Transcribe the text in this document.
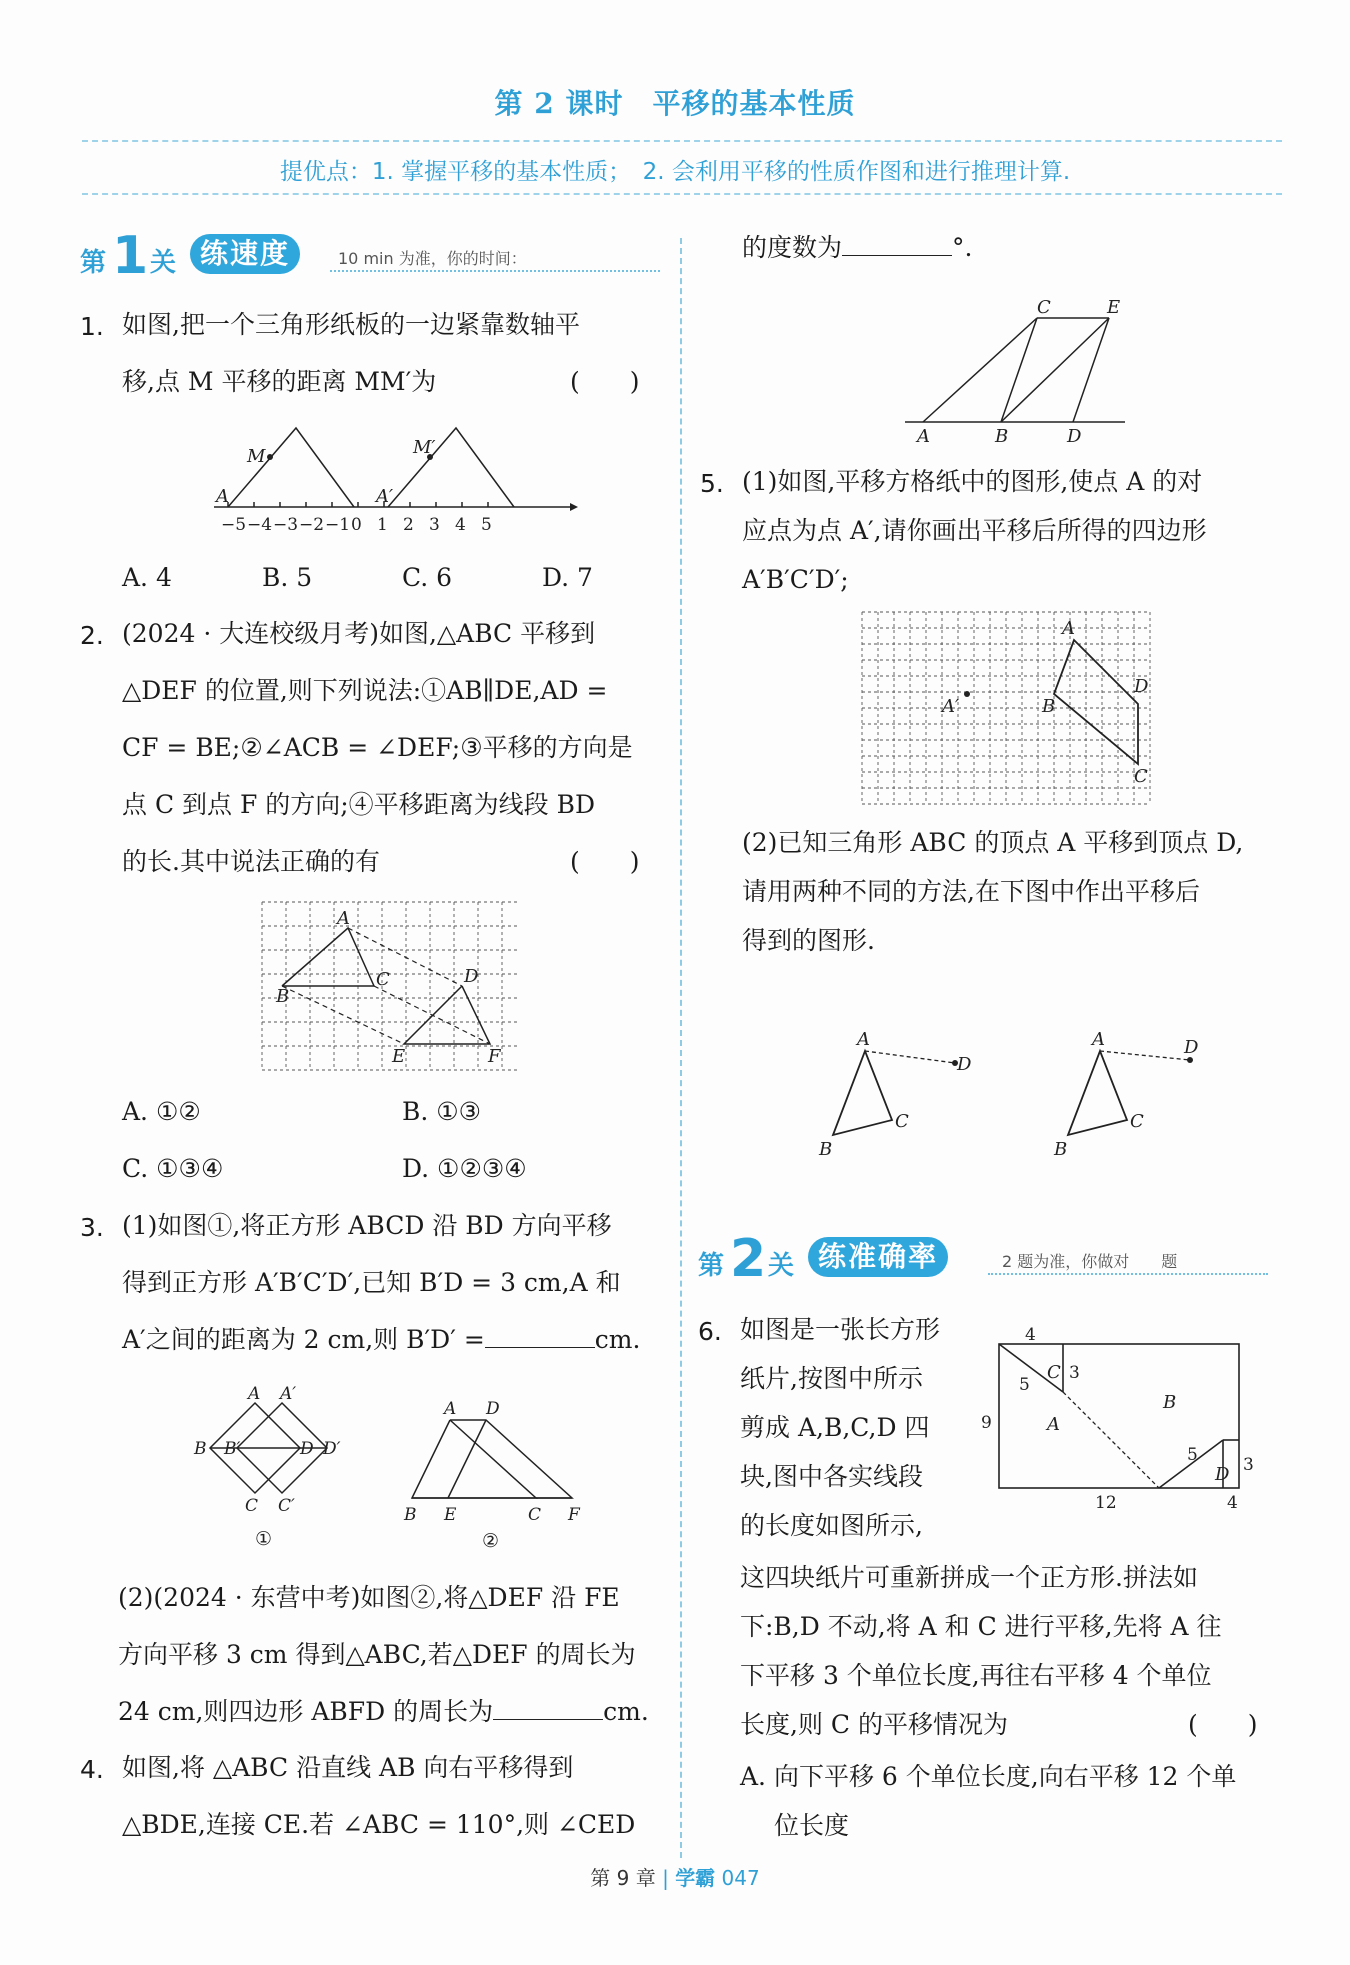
第 2 课时　平移的基本性质
提优点：1. 掌握平移的基本性质；　2. 会利用平移的性质作图和进行推理计算.
第 1 关 练速度	10 min 为准，你的时间：
1. 如图,把一个三角形纸板的一边紧靠数轴平
移,点 M 平移的距离 MM′为	(　　)
−5 −4 −3 −2 −1 0 1 2 3 4 5
M	M′
A	A′
A. 4	B. 5	C. 6	D. 7
2. (2024 · 大连校级月考)如图,△ABC 平移到
△DEF 的位置,则下列说法:①AB∥DE,AD =
CF = BE;②∠ACB = ∠DEF;③平移的方向是
点 C 到点 F 的方向;④平移距离为线段 BD
的长.其中说法正确的有	(　　)
A
B
C	D
E	F
A. ①②	B. ①③
C. ①③④	D. ①②③④
3. (1)如图①,将正方形 ABCD 沿 BD 方向平移
得到正方形 A′B′C′D′,已知 B′D = 3 cm,A 和
A′之间的距离为 2 cm,则 B′D′ =	cm.
A A′
B B′	D D′
C C′
①
A D
B E	C F
②
(2)(2024 · 东营中考)如图②,将△DEF 沿 FE
方向平移 3 cm 得到△ABC,若△DEF 的周长为
24 cm,则四边形 ABFD 的周长为	cm.
4. 如图,将 △ABC 沿直线 AB 向右平移得到
△BDE,连接 CE.若 ∠ABC = 110°,则 ∠CED
的度数为	°.
C	E
A	B	D
5. (1)如图,平移方格纸中的图形,使点 A 的对
应点为点 A′,请你画出平移后所得的四边形
A′B′C′D′;
A
D
A′	B
C
(2)已知三角形 ABC 的顶点 A 平移到顶点 D,
请用两种不同的方法,在下图中作出平移后
得到的图形.
A
D
B
C
A	D
B
C
第 2 关 练准确率	2 题为准，你做对　　题
6. 如图是一张长方形
纸片,按图中所示
剪成 A,B,C,D 四
块,图中各实线段
的长度如图所示,
4
C 3
5
B
9	A
5
D 3
12	4
这四块纸片可重新拼成一个正方形.拼法如
下:B,D 不动,将 A 和 C 进行平移,先将 A 往
下平移 3 个单位长度,再往右平移 4 个单位
长度,则 C 的平移情况为	(　　)
A. 向下平移 6 个单位长度,向右平移 12 个单
位长度
第 9 章 | 学霸 047
